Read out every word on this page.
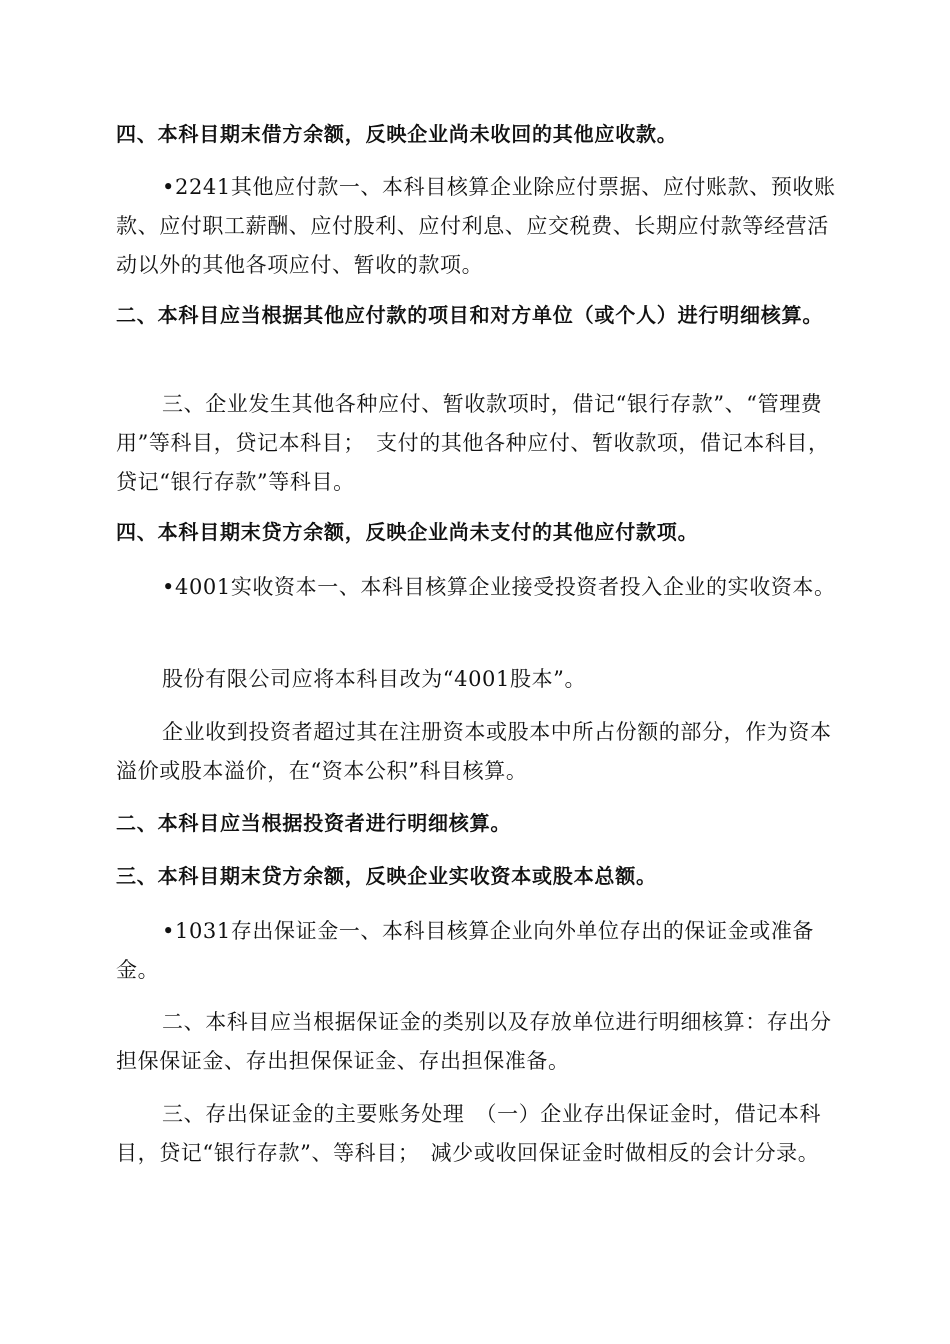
四、本科目期末借方余额，反映企业尚未收回的其他应收款。

•2241其他应付款一、本科目核算企业除应付票据、应付账款、预收账款、应付职工薪酬、应付股利、应付利息、应交税费、长期应付款等经营活动以外的其他各项应付、暂收的款项。

二、本科目应当根据其他应付款的项目和对方单位（或个人）进行明细核算。

三、企业发生其他各种应付、暂收款项时，借记“银行存款”、“管理费用”等科目，贷记本科目；　支付的其他各种应付、暂收款项，借记本科目，贷记“银行存款”等科目。

四、本科目期末贷方余额，反映企业尚未支付的其他应付款项。

•4001实收资本一、本科目核算企业接受投资者投入企业的实收资本。

股份有限公司应将本科目改为“4001股本”。

企业收到投资者超过其在注册资本或股本中所占份额的部分，作为资本溢价或股本溢价，在“资本公积”科目核算。

二、本科目应当根据投资者进行明细核算。

三、本科目期末贷方余额，反映企业实收资本或股本总额。

•1031存出保证金一、本科目核算企业向外单位存出的保证金或准备金。

二、本科目应当根据保证金的类别以及存放单位进行明细核算：存出分担保保证金、存出担保保证金、存出担保准备。

三、存出保证金的主要账务处理　（一）企业存出保证金时，借记本科目，贷记“银行存款”、等科目；　减少或收回保证金时做相反的会计分录。
